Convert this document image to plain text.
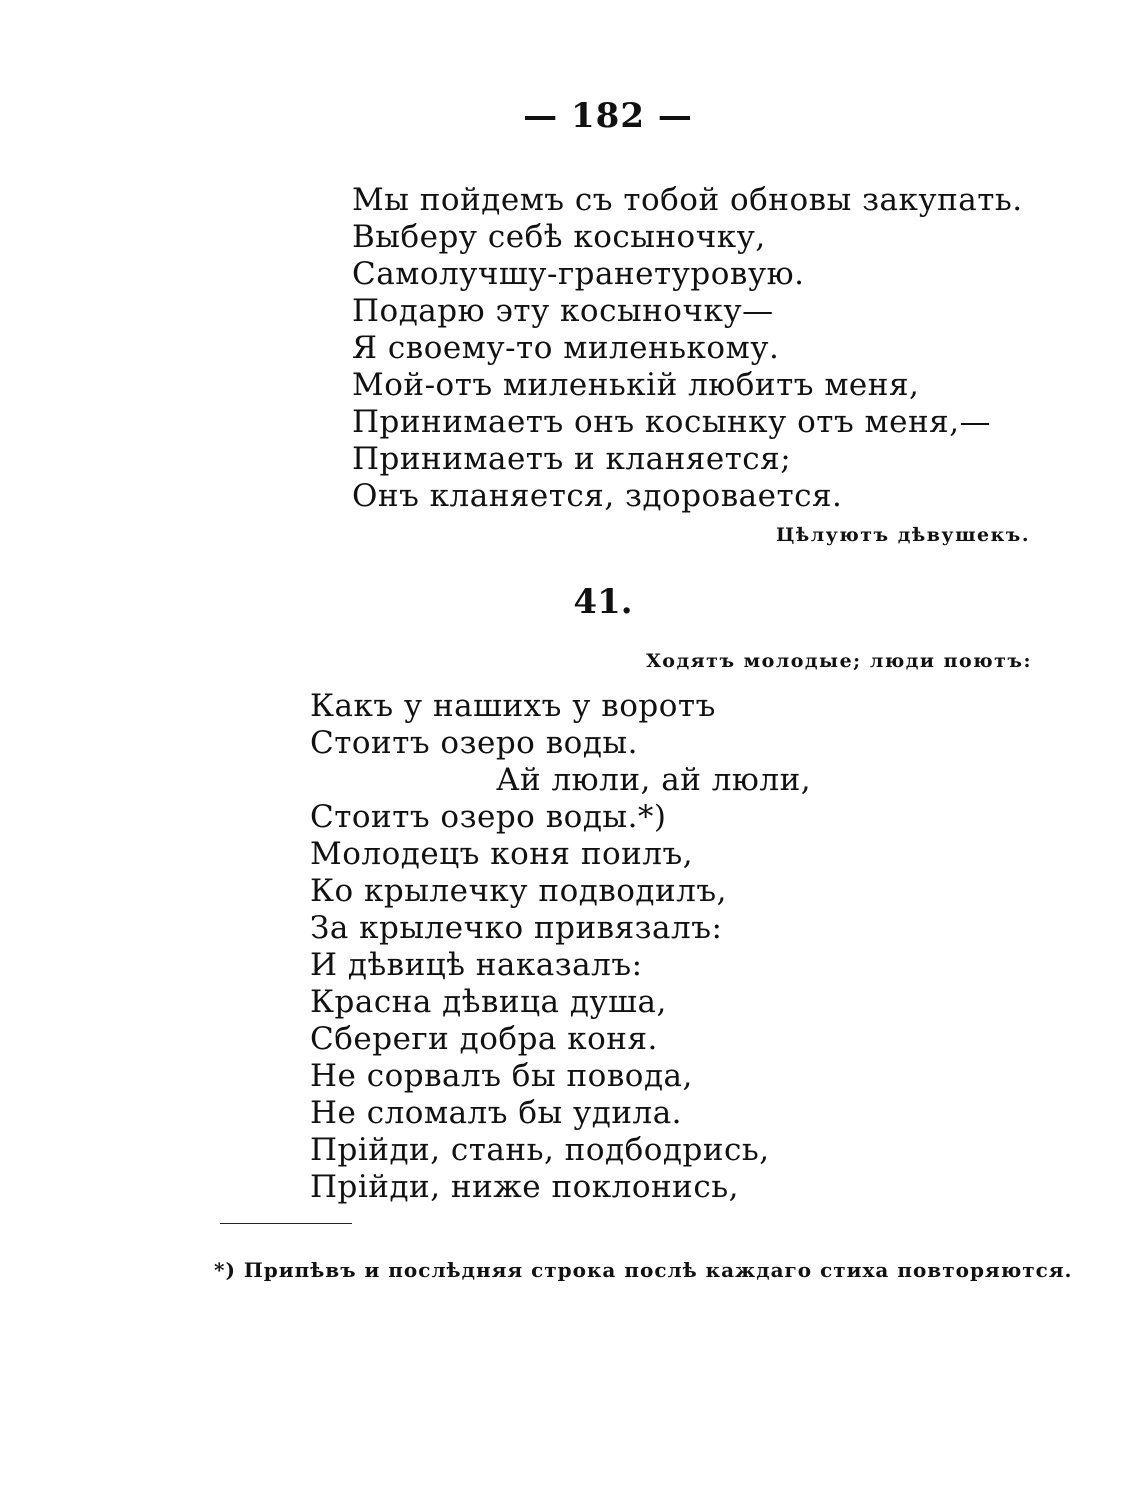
— 182 —
Мы пойдемъ съ тобой обновы закупать.
Выберу себѣ косыночку,
Самолучшу-гранетуровую.
Подарю эту косыночку—
Я своему-то миленькому.
Мой-отъ миленькій любитъ меня,
Принимаетъ онъ косынку отъ меня,—
Принимаетъ и кланяется;
Онъ кланяется, здоровается.
Цѣлуютъ дѣвушекъ.
41.
Ходятъ молодые; люди поютъ:
Какъ у нашихъ у воротъ
Стоитъ озеро воды.
Ай люли, ай люли,
Стоитъ озеро воды.*)
Молодецъ коня поилъ,
Ко крылечку подводилъ,
За крылечко привязалъ:
И дѣвицѣ наказалъ:
Красна дѣвица душа,
Сбереги добра коня.
Не сорвалъ бы повода,
Не сломалъ бы удила.
Прійди, стань, подбодрись,
Прійди, ниже поклонись,
*) Припѣвъ и послѣдняя строка послѣ каждаго стиха повторяются.
